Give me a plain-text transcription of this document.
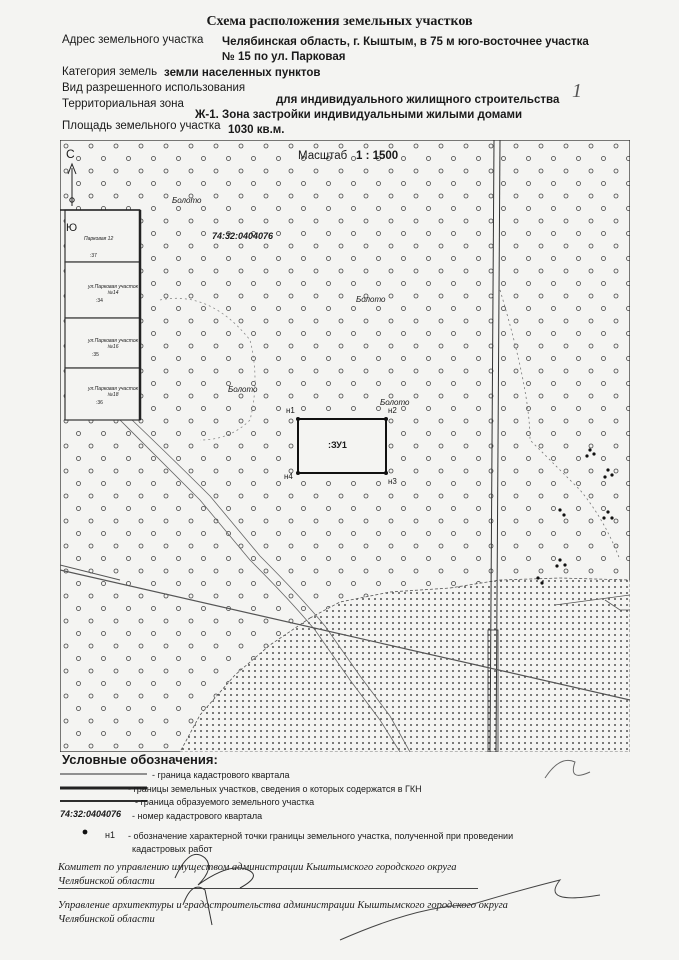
Схема расположения земельных участков
Адрес земельного участка Челябинская область, г. Кыштым, в 75 м юго-восточнее участка
№ 15 по ул. Парковая
Категория земель земли населенных пунктов
Вид разрешенного использования
для индивидуального жилищного строительства
Территориальная зона
Ж-1. Зона застройки индивидуальными жилыми домами
Площадь земельного участка 1030 кв.м.
1
Масштаб 1 : 1500
С
Ю
74:32:0404076
Болото
Болото
Болото
Болото
:ЗУ1
н1	н2
н3
н4
Парковая 12
:37
ул.Парковая участок №14
:34
ул.Парковая участок №16
:35
ул.Парковая участок №18
:36
Условные обозначения:
- граница кадастрового квартала
- границы земельных участков, сведения о которых содержатся в ГКН
- граница образуемого земельного участка
74:32:0404076 - номер кадастрового квартала
н1 - обозначение характерной точки границы земельного участка, полученной при проведении
кадастровых работ
Комитет по управлению имуществом администрации Кыштымского городского округа
Челябинской области
Управление архитектуры и градостроительства администрации Кыштымского городского округа
Челябинской области
